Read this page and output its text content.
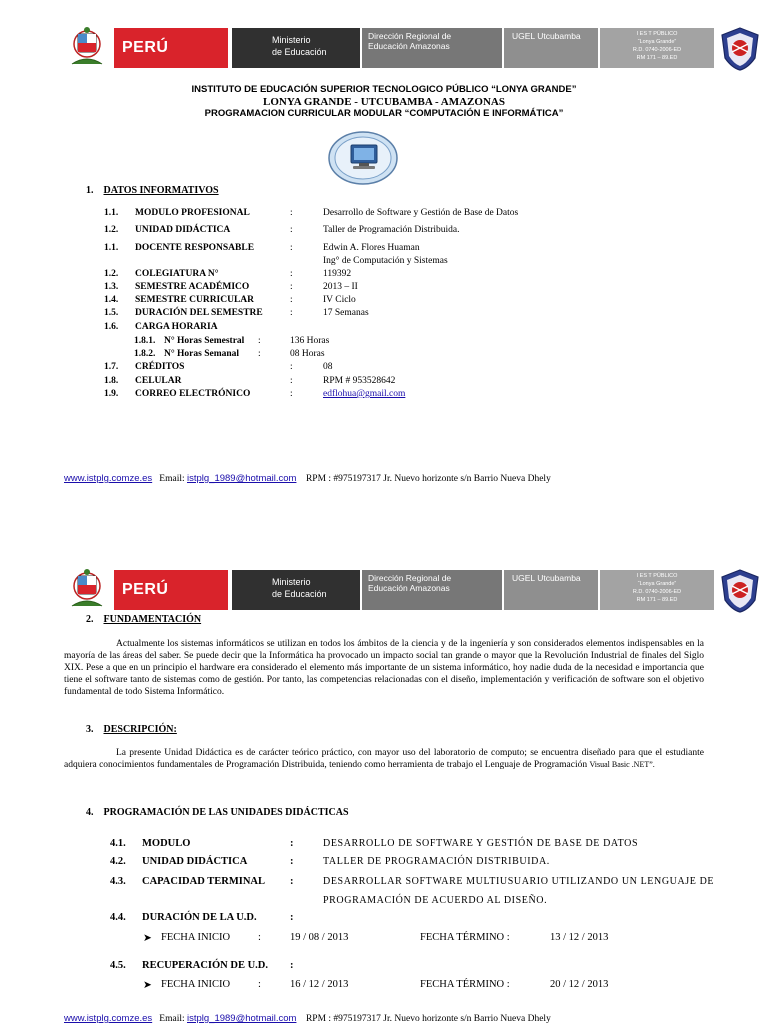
PERÚ	Ministerio
de Educación
Dirección Regional de
Educación Amazonas
UGEL Utcubamba	I ES T PÚBLICO
“Lonya Grande”
R.D. 0740-2006-ED
RM 171 – 89.ED
INSTITUTO DE EDUCACIÓN SUPERIOR TECNOLOGICO PÚBLICO “LONYA GRANDE”
LONYA GRANDE - UTCUBAMBA - AMAZONAS
PROGRAMACION CURRICULAR MODULAR “COMPUTACIÓN E INFORMÁTICA”
1. DATOS INFORMATIVOS
1.1. MODULO PROFESIONAL	:	Desarrollo de Software y Gestión de Base de Datos
1.2. UNIDAD DIDÁCTICA	:	Taller de Programación Distribuida.
1.1. DOCENTE RESPONSABLE	:	Edwin A. Flores Huaman
Ing° de Computación y Sistemas
1.2. COLEGIATURA N°	:	119392
1.3. SEMESTRE ACADÉMICO	:	2013 – II
1.4. SEMESTRE CURRICULAR	:	IV Ciclo
1.5. DURACIÓN DEL SEMESTRE	:	17 Semanas
1.6. CARGA HORARIA
1.8.1. N° Horas Semestral :	136 Horas
1.8.2. N° Horas Semanal :	08 Horas
1.7. CRÉDITOS	:	08
1.8. CELULAR	:	RPM # 953528642
1.9. CORREO ELECTRÓNICO	:	edflohua@gmail.com
www.istplg.comze.es Email: istplg_1989@hotmail.com RPM : #975197317 Jr. Nuevo horizonte s/n Barrio Nueva Dhely
PERÚ	Ministerio
de Educación
Dirección Regional de
Educación Amazonas
UGEL Utcubamba	I ES T PÚBLICO
“Lonya Grande”
R.D. 0740-2006-ED
RM 171 – 89.ED
2. FUNDAMENTACIÓN
Actualmente los sistemas informáticos se utilizan en todos los ámbitos de la ciencia y de la ingeniería y son considerados elementos indispensables en la mayoría de las áreas del saber. Se puede decir que la Informática ha provocado un impacto social tan grande o mayor que la Revolución Industrial de finales del Siglo XIX. Pese a que en un principio el hardware era considerado el elemento más importante de un sistema informático, hoy nadie duda de la necesidad e importancia que tiene el software tanto de sistemas como de gestión. Por tanto, las competencias relacionadas con el diseño, implementación y verificación de software son el objetivo fundamental de todo Sistema Informático.
3. DESCRIPCIÓN:
La presente Unidad Didáctica es de carácter teórico práctico, con mayor uso del laboratorio de computo; se encuentra diseñado para que el estudiante adquiera conocimientos fundamentales de Programación Distribuida, teniendo como herramienta de trabajo el Lenguaje de Programación Visual Basic .NET”.
4. PROGRAMACIÓN DE LAS UNIDADES DIDÁCTICAS
4.1. MODULO	:	DESARROLLO DE SOFTWARE Y GESTIÓN DE BASE DE DATOS
4.2. UNIDAD DIDÁCTICA	:	TALLER DE PROGRAMACIÓN DISTRIBUIDA.
4.3. CAPACIDAD TERMINAL :	DESARROLLAR SOFTWARE MULTIUSUARIO UTILIZANDO UN LENGUAJE DE
PROGRAMACIÓN DE ACUERDO AL DISEÑO.
4.4. DURACIÓN DE LA U.D.	:
➤ FECHA INICIO	:	19 / 08 / 2013	FECHA TÉRMINO :	13 / 12 / 2013
4.5. RECUPERACIÓN DE U.D. :
➤ FECHA INICIO	:	16 / 12 / 2013	FECHA TÉRMINO :	20 / 12 / 2013
www.istplg.comze.es Email: istplg_1989@hotmail.com RPM : #975197317 Jr. Nuevo horizonte s/n Barrio Nueva Dhely
